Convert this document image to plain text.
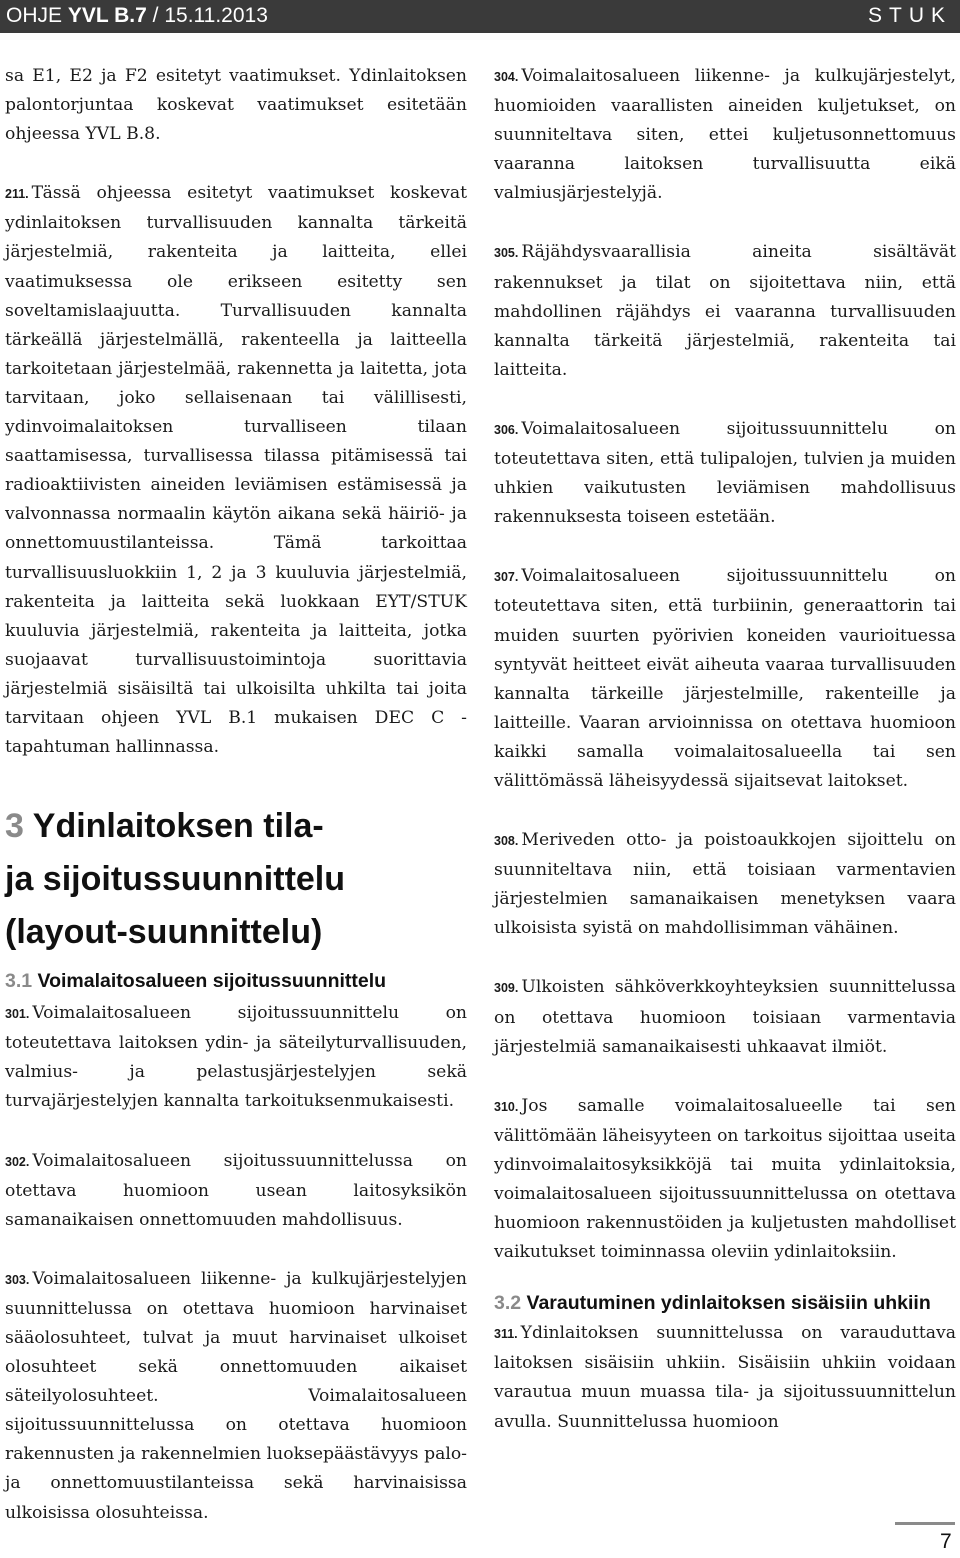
OHJE YVL B.7 / 15.11.2013	STUK

sa E1, E2 ja F2 esitetyt vaatimukset. Ydinlaitoksen palontorjuntaa koskevat vaatimukset esitetään ohjeessa YVL B.8.

211. Tässä ohjeessa esitetyt vaatimukset koskevat ydinlaitoksen turvallisuuden kannalta tärkeitä järjestelmiä, rakenteita ja laitteita, ellei vaatimuksessa ole erikseen esitetty sen soveltamislaajuutta. Turvallisuuden kannalta tärkeällä järjestelmällä, rakenteella ja laitteella tarkoitetaan järjestelmää, rakennetta ja laitetta, jota tarvitaan, joko sellaisenaan tai välillisesti, ydinvoimalaitoksen turvalliseen tilaan saattamisessa, turvallisessa tilassa pitämisessä tai radioaktiivisten aineiden leviämisen estämisessä ja valvonnassa normaalin käytön aikana sekä häiriö- ja onnettomuustilanteissa. Tämä tarkoittaa turvallisuusluokkiin 1, 2 ja 3 kuuluvia järjestelmiä, rakenteita ja laitteita sekä luokkaan EYT/STUK kuuluvia järjestelmiä, rakenteita ja laitteita, jotka suojaavat turvallisuustoimintoja suorittavia järjestelmiä sisäisiltä tai ulkoisilta uhkilta tai joita tarvitaan ohjeen YVL B.1 mukaisen DEC C -tapahtuman hallinnassa.

3 Ydinlaitoksen tila-
ja sijoitussuunnittelu
(layout-suunnittelu)
3.1 Voimalaitosalueen sijoitussuunnittelu

301. Voimalaitosalueen sijoitussuunnittelu on toteutettava laitoksen ydin- ja säteilyturvallisuuden, valmius- ja pelastusjärjestelyjen sekä turvajärjestelyjen kannalta tarkoituksenmukaisesti.

302. Voimalaitosalueen sijoitussuunnittelussa on otettava huomioon usean laitosyksikön samanaikaisen onnettomuuden mahdollisuus.

303. Voimalaitosalueen liikenne- ja kulkujärjestelyjen suunnittelussa on otettava huomioon harvinaiset sääolosuhteet, tulvat ja muut harvinaiset ulkoiset olosuhteet sekä onnettomuuden aikaiset säteilyolosuhteet. Voimalaitosalueen sijoitussuunnittelussa on otettava huomioon rakennusten ja rakennelmien luoksepäästävyys palo- ja onnettomuustilanteissa sekä harvinaisissa ulkoisissa olosuhteissa.

304. Voimalaitosalueen liikenne- ja kulkujärjestelyt, huomioiden vaarallisten aineiden kuljetukset, on suunniteltava siten, ettei kuljetusonnettomuus vaaranna laitoksen turvallisuutta eikä valmiusjärjestelyjä.

305. Räjähdysvaarallisia aineita sisältävät rakennukset ja tilat on sijoitettava niin, että mahdollinen räjähdys ei vaaranna turvallisuuden kannalta tärkeitä järjestelmiä, rakenteita tai laitteita.

306. Voimalaitosalueen sijoitussuunnittelu on toteutettava siten, että tulipalojen, tulvien ja muiden uhkien vaikutusten leviämisen mahdollisuus rakennuksesta toiseen estetään.

307. Voimalaitosalueen sijoitussuunnittelu on toteutettava siten, että turbiinin, generaattorin tai muiden suurten pyörivien koneiden vaurioituessa syntyvät heitteet eivät aiheuta vaaraa turvallisuuden kannalta tärkeille järjestelmille, rakenteille ja laitteille. Vaaran arvioinnissa on otettava huomioon kaikki samalla voimalaitosalueella tai sen välittömässä läheisyydessä sijaitsevat laitokset.

308. Meriveden otto- ja poistoaukkojen sijoittelu on suunniteltava niin, että toisiaan varmentavien järjestelmien samanaikaisen menetyksen vaara ulkoisista syistä on mahdollisimman vähäinen.

309. Ulkoisten sähköverkkoyhteyksien suunnittelussa on otettava huomioon toisiaan varmentavia järjestelmiä samanaikaisesti uhkaavat ilmiöt.

310. Jos samalle voimalaitosalueelle tai sen välittömään läheisyyteen on tarkoitus sijoittaa useita ydinvoimalaitosyksikköjä tai muita ydinlaitoksia, voimalaitosalueen sijoitussuunnittelussa on otettava huomioon rakennustöiden ja kuljetusten mahdolliset vaikutukset toiminnassa oleviin ydinlaitoksiin.

3.2 Varautuminen ydinlaitoksen sisäisiin uhkiin

311. Ydinlaitoksen suunnittelussa on varauduttava laitoksen sisäisiin uhkiin. Sisäisiin uhkiin voidaan varautua muun muassa tila- ja sijoitussuunnittelun avulla. Suunnittelussa huomioon

7
